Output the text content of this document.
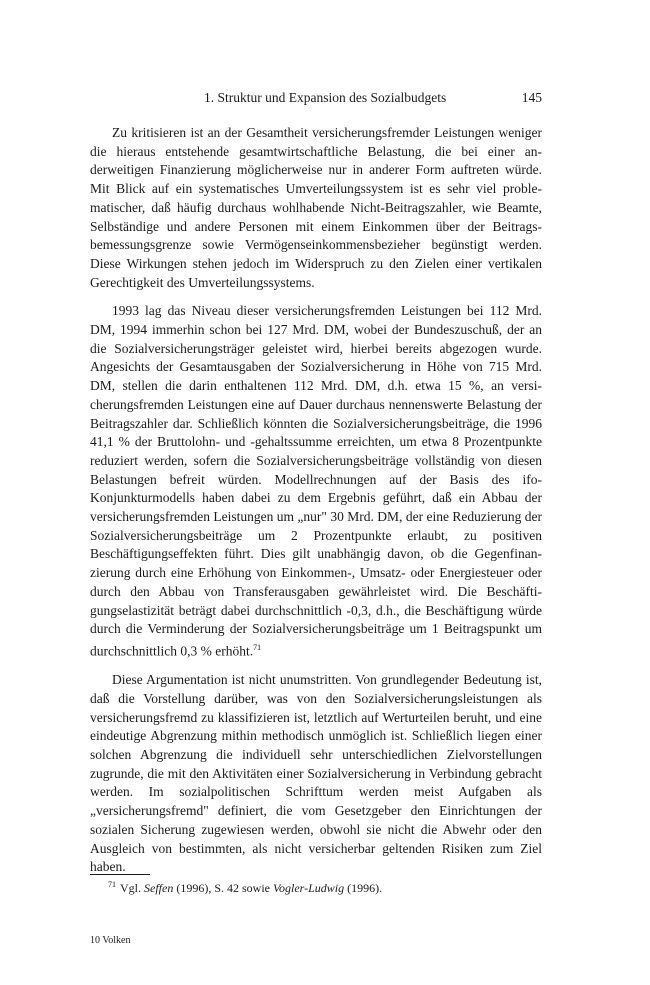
1. Struktur und Expansion des Sozialbudgets	145

Zu kritisieren ist an der Gesamtheit versicherungsfremder Leistungen weniger die hieraus entstehende gesamtwirtschaftliche Belastung, die bei einer anderweitigen Finanzierung möglicherweise nur in anderer Form auftreten würde. Mit Blick auf ein systematisches Umverteilungssystem ist es sehr viel problematischer, daß häufig durchaus wohlhabende Nicht-Beitragszahler, wie Beamte, Selbständige und andere Personen mit einem Einkommen über der Beitragsbemessungsgrenze sowie Vermögenseinkommensbezieher begünstigt werden. Diese Wirkungen stehen jedoch im Widerspruch zu den Zielen einer vertikalen Gerechtigkeit des Umverteilungssystems.

1993 lag das Niveau dieser versicherungsfremden Leistungen bei 112 Mrd. DM, 1994 immerhin schon bei 127 Mrd. DM, wobei der Bundeszuschuß, der an die Sozialversicherungsträger geleistet wird, hierbei bereits abgezogen wurde. Angesichts der Gesamtausgaben der Sozialversicherung in Höhe von 715 Mrd. DM, stellen die darin enthaltenen 112 Mrd. DM, d.h. etwa 15 %, an versicherungsfremden Leistungen eine auf Dauer durchaus nennenswerte Belastung der Beitragszahler dar. Schließlich könnten die Sozialversicherungsbeiträge, die 1996 41,1 % der Bruttolohn- und -gehaltssumme erreichten, um etwa 8 Prozentpunkte reduziert werden, sofern die Sozialversicherungsbeiträge vollständig von diesen Belastungen befreit würden. Modellrechnungen auf der Basis des ifo-Konjunkturmodells haben dabei zu dem Ergebnis geführt, daß ein Abbau der versicherungsfremden Leistungen um „nur" 30 Mrd. DM, der eine Reduzierung der Sozialversicherungsbeiträge um 2 Prozentpunkte erlaubt, zu positiven Beschäftigungseffekten führt. Dies gilt unabhängig davon, ob die Gegenfinanzierung durch eine Erhöhung von Einkommen-, Umsatz- oder Energiesteuer oder durch den Abbau von Transferausgaben gewährleistet wird. Die Beschäftigungselastizität beträgt dabei durchschnittlich -0,3, d.h., die Beschäftigung würde durch die Verminderung der Sozialversicherungsbeiträge um 1 Beitragspunkt um durchschnittlich 0,3 % erhöht.$^{71}$

Diese Argumentation ist nicht unumstritten. Von grundlegender Bedeutung ist, daß die Vorstellung darüber, was von den Sozialversicherungsleistungen als versicherungsfremd zu klassifizieren ist, letztlich auf Werturteilen beruht, und eine eindeutige Abgrenzung mithin methodisch unmöglich ist. Schließlich liegen einer solchen Abgrenzung die individuell sehr unterschiedlichen Zielvorstellungen zugrunde, die mit den Aktivitäten einer Sozialversicherung in Verbindung gebracht werden. Im sozialpolitischen Schrifttum werden meist Aufgaben als „versicherungsfremd" definiert, die vom Gesetzgeber den Einrichtungen der sozialen Sicherung zugewiesen werden, obwohl sie nicht die Abwehr oder den Ausgleich von bestimmten, als nicht versicherbar geltenden Risiken zum Ziel haben.

$^{71}$ Vgl. Seffen (1996), S. 42 sowie Vogler-Ludwig (1996).
10 Volken
